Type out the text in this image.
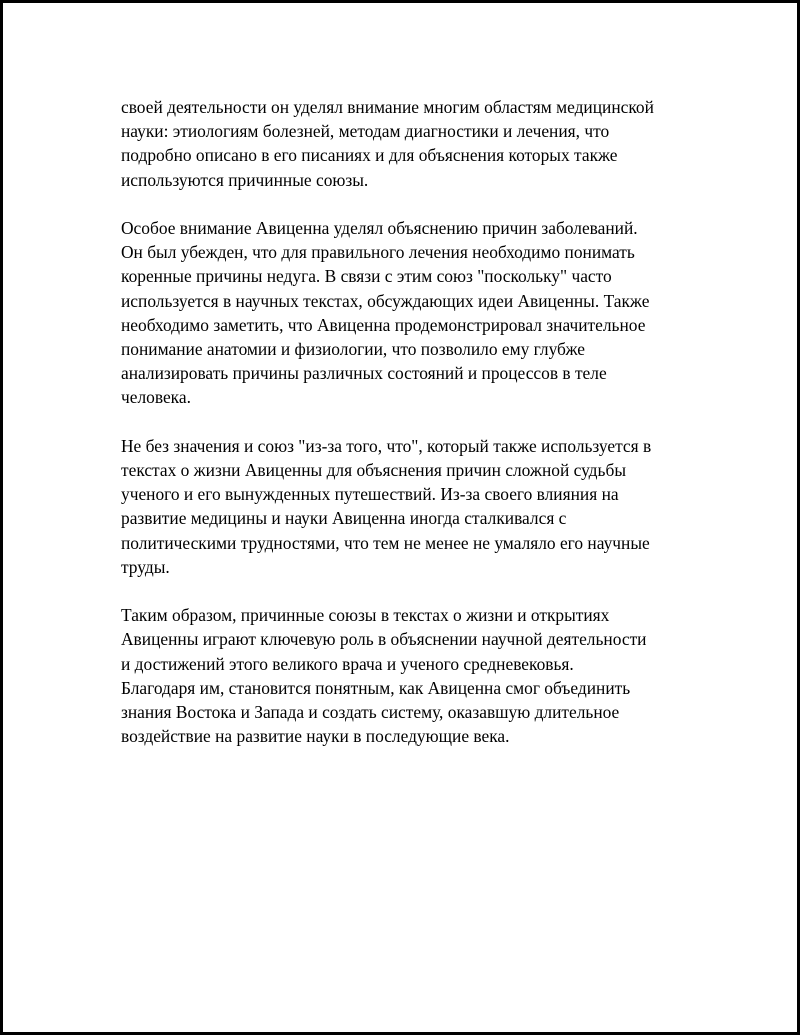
своей деятельности он уделял внимание многим областям медицинской
науки: этиологиям болезней, методам диагностики и лечения, что
подробно описано в его писаниях и для объяснения которых также
используются причинные союзы.

Особое внимание Авиценна уделял объяснению причин заболеваний.
Он был убежден, что для правильного лечения необходимо понимать
коренные причины недуга. В связи с этим союз "поскольку" часто
используется в научных текстах, обсуждающих идеи Авиценны. Также
необходимо заметить, что Авиценна продемонстрировал значительное
понимание анатомии и физиологии, что позволило ему глубже
анализировать причины различных состояний и процессов в теле
человека.

Не без значения и союз "из-за того, что", который также используется в
текстах о жизни Авиценны для объяснения причин сложной судьбы
ученого и его вынужденных путешествий. Из-за своего влияния на
развитие медицины и науки Авиценна иногда сталкивался с
политическими трудностями, что тем не менее не умаляло его научные
труды.

Таким образом, причинные союзы в текстах о жизни и открытиях
Авиценны играют ключевую роль в объяснении научной деятельности
и достижений этого великого врача и ученого средневековья.
Благодаря им, становится понятным, как Авиценна смог объединить
знания Востока и Запада и создать систему, оказавшую длительное
воздействие на развитие науки в последующие века.
